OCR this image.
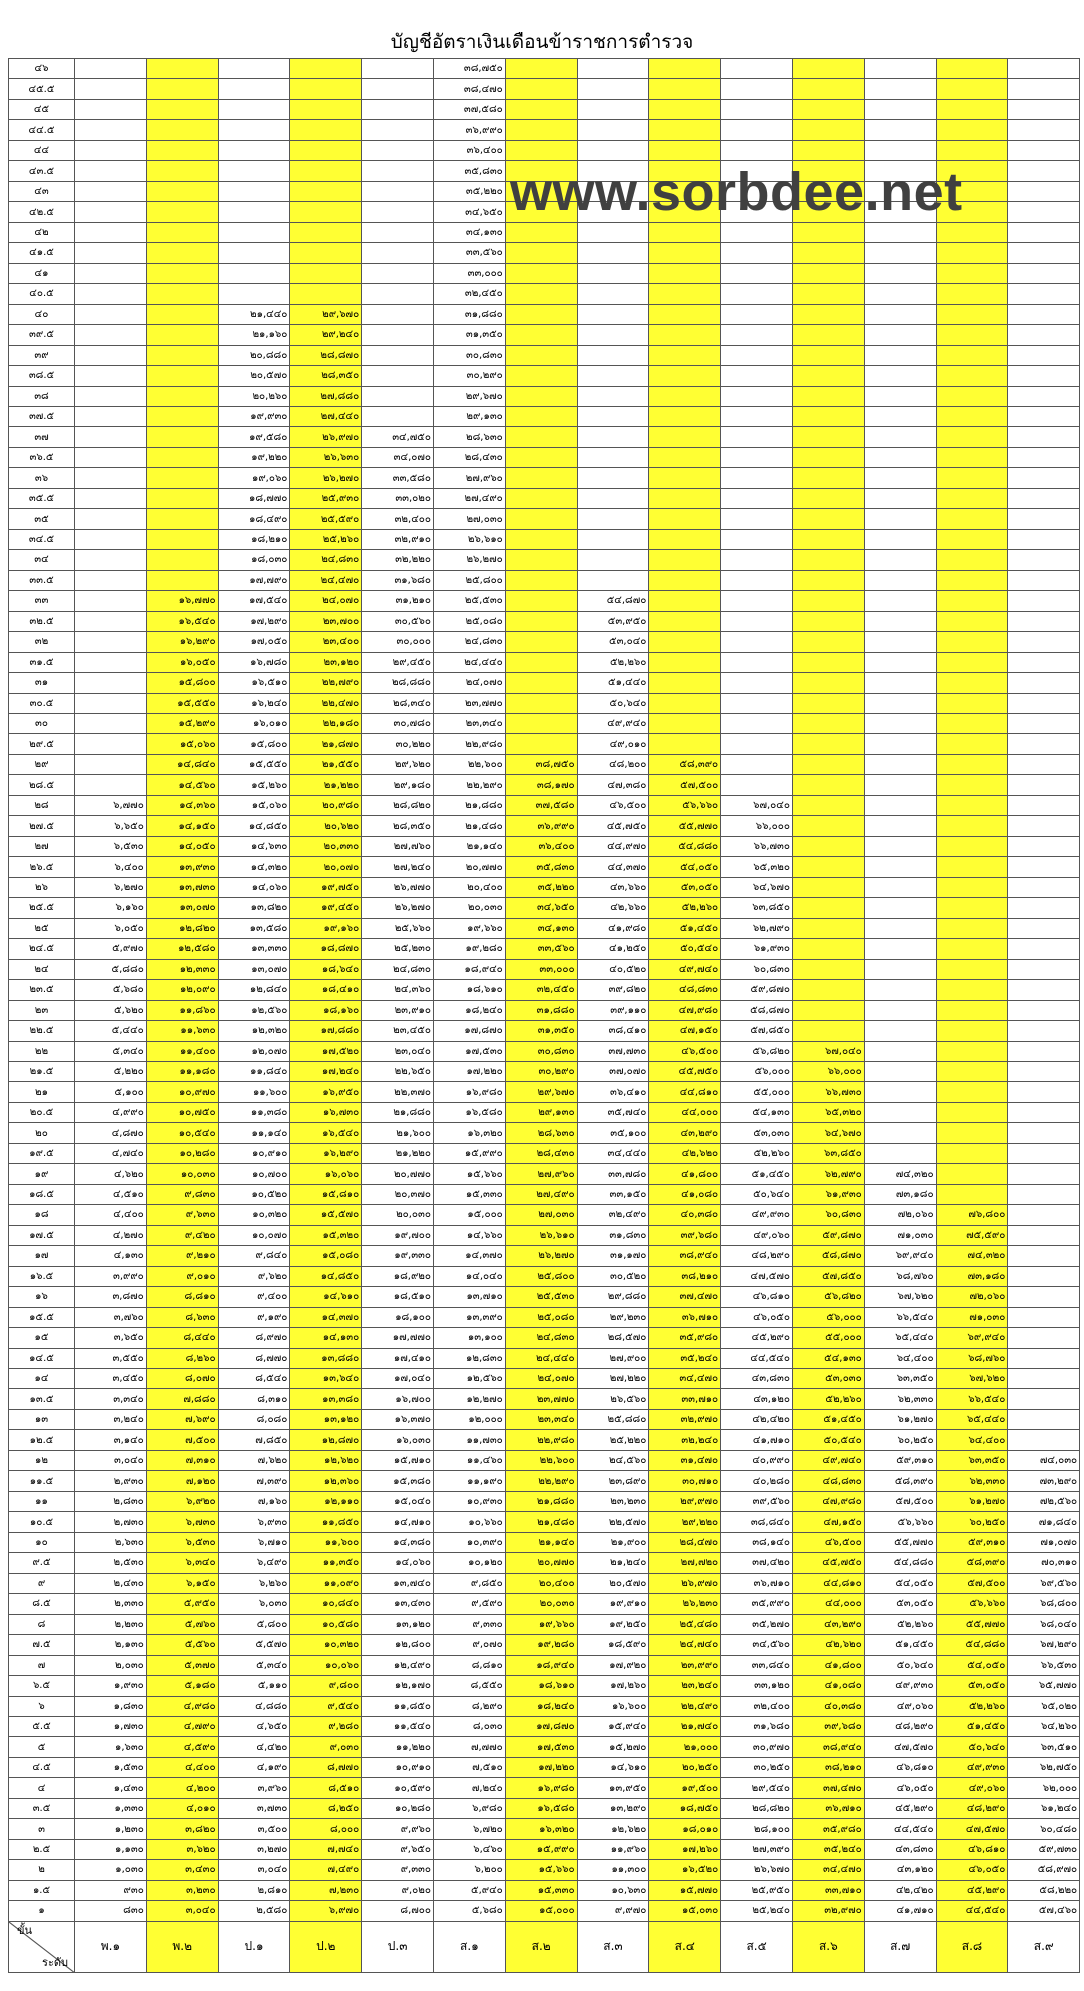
บัญชีอัตราเงินเดือนข้าราชการตำรวจ
www.sorbdee.net
๔๖						๓๘,๗๕๐								
๔๕.๕						๓๘,๔๗๐								
๔๕						๓๗,๕๘๐								
๔๔.๕						๓๖,๙๙๐								
๔๔						๓๖,๔๐๐								
๔๓.๕						๓๕,๘๓๐								
๔๓						๓๕,๒๒๐								
๔๒.๕						๓๔,๖๕๐								
๔๒						๓๔,๑๓๐								
๔๑.๕						๓๓,๕๖๐								
๔๑						๓๓,๐๐๐								
๔๐.๕						๓๒,๔๕๐								
๔๐			๒๑,๔๔๐	๒๙,๖๗๐		๓๑,๘๘๐								
๓๙.๕			๒๑,๑๖๐	๒๙,๒๔๐		๓๑,๓๕๐								
๓๙			๒๐,๘๘๐	๒๘,๘๗๐		๓๐,๘๓๐								
๓๘.๕			๒๐,๕๗๐	๒๘,๓๕๐		๓๐,๒๙๐								
๓๘			๒๐,๒๖๐	๒๗,๘๘๐		๒๙,๖๗๐								
๓๗.๕			๑๙,๙๓๐	๒๗,๔๔๐		๒๙,๑๓๐								
๓๗			๑๙,๕๘๐	๒๖,๙๗๐	๓๔,๗๕๐	๒๘,๖๓๐								
๓๖.๕			๑๙,๒๒๐	๒๖,๖๓๐	๓๔,๐๗๐	๒๘,๔๓๐								
๓๖			๑๙,๐๖๐	๒๖,๒๗๐	๓๓,๕๘๐	๒๗,๙๖๐								
๓๕.๕			๑๘,๗๗๐	๒๕,๙๓๐	๓๓,๐๒๐	๒๗,๔๙๐								
๓๕			๑๘,๔๙๐	๒๕,๕๙๐	๓๒,๔๐๐	๒๗,๐๓๐								
๓๔.๕			๑๘,๒๑๐	๒๕,๒๖๐	๓๒,๙๑๐	๒๖,๖๑๐								
๓๔			๑๘,๐๓๐	๒๔,๘๓๐	๓๒,๒๒๐	๒๖,๒๗๐								
๓๓.๕			๑๗,๗๙๐	๒๔,๔๗๐	๓๑,๖๘๐	๒๕,๘๐๐								
๓๓		๑๖,๗๗๐	๑๗,๕๔๐	๒๔,๐๗๐	๓๑,๒๑๐	๒๕,๕๓๐		๕๔,๘๗๐						
๓๒.๕		๑๖,๕๔๐	๑๗,๒๙๐	๒๓,๗๐๐	๓๐,๕๖๐	๒๕,๐๘๐		๕๓,๙๕๐						
๓๒		๑๖,๒๙๐	๑๗,๐๕๐	๒๓,๔๐๐	๓๐,๐๐๐	๒๔,๘๓๐		๕๓,๐๔๐						
๓๑.๕		๑๖,๐๕๐	๑๖,๗๘๐	๒๓,๑๒๐	๒๙,๔๕๐	๒๔,๔๔๐		๕๒,๒๖๐						
๓๑		๑๕,๘๐๐	๑๖,๕๑๐	๒๒,๗๙๐	๒๘,๘๘๐	๒๔,๐๗๐		๕๑,๔๔๐						
๓๐.๕		๑๕,๕๕๐	๑๖,๒๔๐	๒๒,๔๗๐	๒๘,๓๔๐	๒๓,๗๗๐		๕๐,๖๔๐						
๓๐		๑๕,๒๙๐	๑๖,๐๑๐	๒๒,๑๘๐	๓๐,๗๘๐	๒๓,๓๔๐		๔๙,๙๔๐						
๒๙.๕		๑๕,๐๖๐	๑๕,๘๐๐	๒๑,๘๗๐	๓๐,๒๒๐	๒๒,๙๘๐		๔๙,๐๑๐						
๒๙		๑๔,๘๔๐	๑๕,๕๕๐	๒๑,๕๕๐	๒๙,๖๒๐	๒๒,๖๐๐	๓๘,๗๕๐	๔๘,๒๐๐	๕๘,๓๙๐					
๒๘.๕		๑๔,๕๖๐	๑๕,๒๖๐	๒๑,๒๒๐	๒๙,๑๘๐	๒๒,๒๙๐	๓๘,๑๗๐	๔๗,๓๘๐	๕๗,๕๐๐					
๒๘	๖,๗๗๐	๑๔,๓๖๐	๑๕,๐๖๐	๒๐,๙๘๐	๒๘,๘๒๐	๒๑,๘๘๐	๓๗,๕๘๐	๔๖,๕๐๐	๕๖,๖๖๐	๖๗,๐๔๐				
๒๗.๕	๖,๖๕๐	๑๔,๑๕๐	๑๔,๘๕๐	๒๐,๖๒๐	๒๘,๓๕๐	๒๑,๔๘๐	๓๖,๙๙๐	๔๕,๗๕๐	๕๕,๗๗๐	๖๖,๐๐๐				
๒๗	๖,๕๓๐	๑๔,๐๕๐	๑๔,๖๓๐	๒๐,๓๓๐	๒๗,๗๖๐	๒๑,๑๔๐	๓๖,๔๐๐	๔๔,๙๗๐	๕๔,๘๘๐	๖๖,๗๓๐				
๒๖.๕	๖,๔๐๐	๑๓,๙๓๐	๑๔,๓๒๐	๒๐,๐๗๐	๒๗,๒๔๐	๒๐,๗๗๐	๓๕,๘๓๐	๔๔,๓๗๐	๕๔,๐๕๐	๖๕,๓๒๐				
๒๖	๖,๒๗๐	๑๓,๗๓๐	๑๔,๐๖๐	๑๙,๗๕๐	๒๖,๗๗๐	๒๐,๔๐๐	๓๕,๒๒๐	๔๓,๖๖๐	๕๓,๐๕๐	๖๔,๖๗๐				
๒๕.๕	๖,๑๖๐	๑๓,๐๗๐	๑๓,๘๒๐	๑๙,๔๕๐	๒๖,๒๗๐	๒๐,๐๓๐	๓๔,๖๕๐	๔๒,๖๖๐	๕๒,๒๖๐	๖๓,๘๕๐				
๒๕	๖,๐๕๐	๑๒,๘๒๐	๑๓,๕๘๐	๑๙,๑๖๐	๒๕,๖๖๐	๑๙,๖๖๐	๓๔,๑๓๐	๔๑,๙๘๐	๕๑,๔๕๐	๖๒,๗๙๐				
๒๔.๕	๕,๙๗๐	๑๒,๕๘๐	๑๓,๓๓๐	๑๘,๘๗๐	๒๕,๒๓๐	๑๙,๒๘๐	๓๓,๕๖๐	๔๑,๒๕๐	๕๐,๕๔๐	๖๑,๙๓๐				
๒๔	๕,๘๘๐	๑๒,๓๓๐	๑๓,๐๗๐	๑๘,๖๔๐	๒๔,๘๓๐	๑๘,๙๔๐	๓๓,๐๐๐	๔๐,๕๒๐	๔๙,๗๔๐	๖๐,๘๓๐				
๒๓.๕	๕,๖๘๐	๑๒,๐๙๐	๑๒,๘๔๐	๑๘,๔๑๐	๒๔,๓๖๐	๑๘,๖๑๐	๓๒,๔๕๐	๓๙,๘๒๐	๔๘,๘๓๐	๕๙,๘๗๐				
๒๓	๕,๖๒๐	๑๑,๘๖๐	๑๒,๕๖๐	๑๘,๑๖๐	๒๓,๙๑๐	๑๘,๒๔๐	๓๑,๘๘๐	๓๙,๑๑๐	๔๗,๙๘๐	๕๘,๘๗๐				
๒๒.๕	๕,๔๔๐	๑๑,๖๓๐	๑๒,๓๒๐	๑๗,๘๘๐	๒๓,๔๕๐	๑๗,๘๗๐	๓๑,๓๕๐	๓๘,๔๑๐	๔๗,๑๕๐	๕๗,๘๕๐				
๒๒	๕,๓๔๐	๑๑,๔๐๐	๑๒,๐๗๐	๑๗,๕๒๐	๒๓,๐๔๐	๑๗,๕๓๐	๓๐,๘๓๐	๓๗,๗๓๐	๔๖,๕๐๐	๕๖,๘๒๐	๖๗,๐๔๐			
๒๑.๕	๕,๒๒๐	๑๑,๑๘๐	๑๑,๘๔๐	๑๗,๒๔๐	๒๒,๖๕๐	๑๗,๒๒๐	๓๐,๒๙๐	๓๗,๐๗๐	๔๕,๗๕๐	๕๖,๐๐๐	๖๖,๐๐๐			
๒๑	๕,๑๐๐	๑๐,๙๗๐	๑๑,๖๐๐	๑๖,๙๕๐	๒๒,๓๗๐	๑๖,๙๘๐	๒๙,๖๗๐	๓๖,๔๑๐	๔๔,๘๑๐	๕๕,๐๐๐	๖๖,๗๓๐			
๒๐.๕	๔,๙๙๐	๑๐,๗๕๐	๑๑,๓๘๐	๑๖,๗๓๐	๒๑,๘๘๐	๑๖,๕๘๐	๒๙,๑๓๐	๓๕,๗๔๐	๔๔,๐๐๐	๕๔,๑๓๐	๖๕,๓๒๐			
๒๐	๔,๘๗๐	๑๐,๕๔๐	๑๑,๑๔๐	๑๖,๕๔๐	๒๑,๖๐๐	๑๖,๓๒๐	๒๘,๖๓๐	๓๕,๑๐๐	๔๓,๒๙๐	๕๓,๐๓๐	๖๔,๖๗๐			
๑๙.๕	๔,๗๔๐	๑๐,๒๘๐	๑๐,๙๑๐	๑๖,๒๙๐	๒๑,๒๒๐	๑๕,๙๙๐	๒๘,๔๓๐	๓๔,๔๔๐	๔๒,๖๒๐	๕๒,๒๖๐	๖๓,๘๕๐			
๑๙	๔,๖๒๐	๑๐,๐๓๐	๑๐,๗๐๐	๑๖,๐๖๐	๒๐,๗๗๐	๑๕,๖๖๐	๒๗,๙๖๐	๓๓,๗๘๐	๔๑,๘๐๐	๕๑,๔๕๐	๖๒,๗๙๐	๗๔,๓๒๐		
๑๘.๕	๔,๕๑๐	๙,๘๓๐	๑๐,๕๒๐	๑๕,๘๑๐	๒๐,๓๗๐	๑๕,๓๓๐	๒๗,๔๙๐	๓๓,๑๕๐	๔๑,๐๘๐	๕๐,๖๔๐	๖๑,๙๓๐	๗๓,๑๘๐		
๑๘	๔,๔๐๐	๙,๖๓๐	๑๐,๓๒๐	๑๕,๕๗๐	๒๐,๐๓๐	๑๕,๐๐๐	๒๗,๐๓๐	๓๒,๔๙๐	๔๐,๓๘๐	๔๙,๙๓๐	๖๐,๘๓๐	๗๒,๐๖๐	๗๖,๘๐๐	
๑๗.๕	๔,๒๗๐	๙,๔๒๐	๑๐,๐๗๐	๑๕,๓๒๐	๑๙,๗๐๐	๑๔,๖๖๐	๒๖,๖๑๐	๓๑,๘๓๐	๓๙,๖๘๐	๔๙,๐๖๐	๕๙,๘๗๐	๗๑,๐๓๐	๗๕,๕๙๐	
๑๗	๔,๑๓๐	๙,๒๑๐	๙,๘๔๐	๑๕,๐๘๐	๑๙,๓๓๐	๑๔,๓๗๐	๒๖,๒๗๐	๓๑,๑๗๐	๓๘,๙๔๐	๔๘,๒๙๐	๕๘,๘๗๐	๖๙,๙๔๐	๗๔,๓๒๐	
๑๖.๕	๓,๙๙๐	๙,๐๑๐	๙,๖๒๐	๑๔,๘๕๐	๑๘,๙๒๐	๑๔,๐๔๐	๒๕,๘๐๐	๓๐,๕๒๐	๓๘,๒๑๐	๔๗,๕๗๐	๕๗,๘๕๐	๖๘,๗๖๐	๗๓,๑๘๐	
๑๖	๓,๘๗๐	๘,๘๑๐	๙,๔๐๐	๑๔,๖๑๐	๑๘,๕๑๐	๑๓,๗๑๐	๒๕,๕๓๐	๒๙,๘๘๐	๓๗,๔๗๐	๔๖,๘๑๐	๕๖,๘๒๐	๖๗,๖๒๐	๗๒,๐๖๐	
๑๕.๕	๓,๗๖๐	๘,๖๓๐	๙,๑๙๐	๑๔,๓๗๐	๑๘,๑๐๐	๑๓,๓๙๐	๒๕,๐๘๐	๒๙,๒๓๐	๓๖,๗๑๐	๔๖,๐๕๐	๕๖,๐๐๐	๖๖,๕๔๐	๗๑,๐๓๐	
๑๕	๓,๖๕๐	๘,๔๔๐	๘,๙๗๐	๑๔,๑๓๐	๑๗,๗๗๐	๑๓,๑๐๐	๒๔,๘๓๐	๒๘,๕๗๐	๓๕,๙๘๐	๔๕,๒๙๐	๕๕,๐๐๐	๖๕,๔๔๐	๖๙,๙๔๐	
๑๔.๕	๓,๕๕๐	๘,๒๖๐	๘,๗๗๐	๑๓,๘๘๐	๑๗,๔๑๐	๑๒,๘๓๐	๒๔,๔๔๐	๒๗,๙๐๐	๓๕,๒๔๐	๔๔,๕๔๐	๕๔,๑๓๐	๖๔,๔๐๐	๖๘,๗๖๐	
๑๔	๓,๔๕๐	๘,๐๗๐	๘,๕๔๐	๑๓,๖๔๐	๑๗,๐๔๐	๑๒,๕๖๐	๒๔,๐๗๐	๒๗,๒๒๐	๓๔,๔๗๐	๔๓,๘๓๐	๕๓,๐๓๐	๖๓,๓๕๐	๖๗,๖๒๐	
๑๓.๕	๓,๓๔๐	๗,๘๘๐	๘,๓๑๐	๑๓,๓๘๐	๑๖,๗๐๐	๑๒,๒๗๐	๒๓,๗๗๐	๒๖,๕๖๐	๓๓,๗๑๐	๔๓,๑๒๐	๕๒,๒๖๐	๖๒,๓๓๐	๖๖,๕๔๐	
๑๓	๓,๒๔๐	๗,๖๙๐	๘,๐๘๐	๑๓,๑๒๐	๑๖,๓๗๐	๑๒,๐๐๐	๒๓,๓๔๐	๒๕,๘๘๐	๓๒,๙๗๐	๔๒,๔๒๐	๕๑,๔๕๐	๖๑,๒๗๐	๖๕,๔๔๐	
๑๒.๕	๓,๑๔๐	๗,๕๐๐	๗,๘๕๐	๑๒,๘๗๐	๑๖,๐๓๐	๑๑,๗๓๐	๒๒,๙๘๐	๒๕,๒๒๐	๓๒,๒๔๐	๔๑,๗๑๐	๕๐,๕๔๐	๖๐,๒๕๐	๖๔,๔๐๐	
๑๒	๓,๐๔๐	๗,๓๑๐	๗,๖๒๐	๑๒,๖๒๐	๑๕,๗๑๐	๑๑,๔๖๐	๒๒,๖๐๐	๒๔,๕๖๐	๓๑,๔๗๐	๔๐,๙๙๐	๔๙,๗๔๐	๕๙,๓๑๐	๖๓,๓๕๐	๗๔,๐๓๐
๑๑.๕	๒,๙๓๐	๗,๑๒๐	๗,๓๙๐	๑๒,๓๖๐	๑๕,๓๘๐	๑๑,๑๙๐	๒๒,๒๙๐	๒๓,๘๙๐	๓๐,๗๑๐	๔๐,๒๘๐	๔๘,๘๓๐	๕๘,๓๙๐	๖๒,๓๓๐	๗๓,๒๙๐
๑๑	๒,๘๓๐	๖,๙๒๐	๗,๑๖๐	๑๒,๑๑๐	๑๕,๐๔๐	๑๐,๙๓๐	๒๑,๘๘๐	๒๓,๒๓๐	๒๙,๙๗๐	๓๙,๕๖๐	๔๗,๙๘๐	๕๗,๕๐๐	๖๑,๒๗๐	๗๒,๕๖๐
๑๐.๕	๒,๗๓๐	๖,๗๓๐	๖,๙๓๐	๑๑,๘๕๐	๑๔,๗๑๐	๑๐,๖๖๐	๒๑,๔๘๐	๒๒,๕๗๐	๒๙,๒๒๐	๓๘,๘๔๐	๔๗,๑๕๐	๕๖,๖๖๐	๖๐,๒๕๐	๗๑,๘๔๐
๑๐	๒,๖๓๐	๖,๕๓๐	๖,๗๑๐	๑๑,๖๐๐	๑๔,๓๘๐	๑๐,๓๙๐	๒๑,๑๔๐	๒๑,๙๐๐	๒๘,๔๗๐	๓๘,๑๔๐	๔๖,๕๐๐	๕๕,๗๗๐	๕๙,๓๑๐	๗๑,๐๗๐
๙.๕	๒,๕๓๐	๖,๓๔๐	๖,๔๙๐	๑๑,๓๕๐	๑๔,๐๖๐	๑๐,๑๒๐	๒๐,๗๗๐	๒๑,๒๔๐	๒๗,๗๒๐	๓๗,๔๒๐	๔๕,๗๕๐	๕๔,๘๘๐	๕๘,๓๙๐	๗๐,๓๑๐
๙	๒,๔๓๐	๖,๑๕๐	๖,๒๖๐	๑๑,๐๙๐	๑๓,๗๔๐	๙,๘๕๐	๒๐,๔๐๐	๒๐,๕๗๐	๒๖,๙๗๐	๓๖,๗๑๐	๔๔,๘๑๐	๕๔,๐๕๐	๕๗,๕๐๐	๖๙,๕๖๐
๘.๕	๒,๓๓๐	๕,๙๕๐	๖,๐๓๐	๑๐,๘๔๐	๑๓,๔๓๐	๙,๕๙๐	๒๐,๐๓๐	๑๙,๙๑๐	๒๖,๒๓๐	๓๕,๙๙๐	๔๔,๐๐๐	๕๓,๐๕๐	๕๖,๖๖๐	๖๘,๘๐๐
๘	๒,๒๓๐	๕,๗๖๐	๕,๘๐๐	๑๐,๕๘๐	๑๓,๑๒๐	๙,๓๓๐	๑๙,๖๖๐	๑๙,๒๕๐	๒๕,๔๘๐	๓๕,๒๗๐	๔๓,๒๙๐	๕๒,๒๖๐	๕๕,๗๗๐	๖๘,๐๔๐
๗.๕	๒,๑๓๐	๕,๕๖๐	๕,๕๗๐	๑๐,๓๒๐	๑๒,๘๐๐	๙,๐๗๐	๑๙,๒๘๐	๑๘,๕๙๐	๒๔,๗๔๐	๓๔,๕๖๐	๔๒,๖๒๐	๕๑,๔๕๐	๕๔,๘๘๐	๖๗,๒๙๐
๗	๒,๐๓๐	๕,๓๗๐	๕,๓๔๐	๑๐,๐๖๐	๑๒,๔๙๐	๘,๘๑๐	๑๘,๙๔๐	๑๗,๙๒๐	๒๓,๙๙๐	๓๓,๘๔๐	๔๑,๘๐๐	๕๐,๖๔๐	๕๔,๐๕๐	๖๖,๕๓๐
๖.๕	๑,๙๓๐	๕,๑๘๐	๕,๑๑๐	๙,๘๐๐	๑๒,๑๗๐	๘,๕๕๐	๑๘,๖๑๐	๑๗,๒๖๐	๒๓,๒๔๐	๓๓,๑๒๐	๔๑,๐๘๐	๔๙,๙๓๐	๕๓,๐๕๐	๖๕,๗๗๐
๖	๑,๘๓๐	๔,๙๘๐	๔,๘๘๐	๙,๕๔๐	๑๑,๘๕๐	๘,๒๙๐	๑๘,๒๔๐	๑๖,๖๐๐	๒๒,๔๙๐	๓๒,๔๐๐	๔๐,๓๘๐	๔๙,๐๖๐	๕๒,๒๖๐	๖๕,๐๒๐
๕.๕	๑,๗๓๐	๔,๗๙๐	๔,๖๕๐	๙,๒๘๐	๑๑,๕๔๐	๘,๐๓๐	๑๗,๘๗๐	๑๕,๙๔๐	๒๑,๗๔๐	๓๑,๖๘๐	๓๙,๖๘๐	๔๘,๒๙๐	๕๑,๔๕๐	๖๔,๒๖๐
๕	๑,๖๓๐	๔,๕๙๐	๔,๔๒๐	๙,๐๓๐	๑๑,๒๒๐	๗,๗๗๐	๑๗,๕๓๐	๑๕,๒๗๐	๒๑,๐๐๐	๓๐,๙๗๐	๓๘,๙๔๐	๔๗,๕๗๐	๕๐,๖๔๐	๖๓,๕๑๐
๔.๕	๑,๕๓๐	๔,๔๐๐	๔,๑๙๐	๘,๗๗๐	๑๐,๙๑๐	๗,๕๑๐	๑๗,๒๒๐	๑๔,๖๑๐	๒๐,๒๕๐	๓๐,๒๕๐	๓๘,๒๑๐	๔๖,๘๑๐	๔๙,๙๓๐	๖๒,๗๕๐
๔	๑,๔๓๐	๔,๒๐๐	๓,๙๖๐	๘,๕๑๐	๑๐,๕๙๐	๗,๒๔๐	๑๖,๙๘๐	๑๓,๙๕๐	๑๙,๕๐๐	๒๙,๕๔๐	๓๗,๔๗๐	๔๖,๐๕๐	๔๙,๐๖๐	๖๒,๐๐๐
๓.๕	๑,๓๓๐	๔,๐๑๐	๓,๗๓๐	๘,๒๕๐	๑๐,๒๘๐	๖,๙๘๐	๑๖,๕๘๐	๑๓,๒๙๐	๑๘,๗๕๐	๒๘,๘๒๐	๓๖,๗๑๐	๔๕,๒๙๐	๔๘,๒๙๐	๖๑,๒๔๐
๓	๑,๒๓๐	๓,๘๒๐	๓,๕๐๐	๘,๐๐๐	๙,๙๖๐	๖,๗๒๐	๑๖,๓๒๐	๑๒,๖๒๐	๑๘,๐๑๐	๒๘,๑๐๐	๓๕,๙๘๐	๔๔,๕๔๐	๔๗,๕๗๐	๖๐,๔๘๐
๒.๕	๑,๑๓๐	๓,๖๒๐	๓,๒๗๐	๗,๗๔๐	๙,๖๕๐	๖,๔๖๐	๑๕,๙๙๐	๑๑,๙๖๐	๑๗,๒๖๐	๒๗,๓๙๐	๓๕,๒๔๐	๔๓,๘๓๐	๔๖,๘๑๐	๕๙,๗๓๐
๒	๑,๐๓๐	๓,๔๓๐	๓,๐๔๐	๗,๔๙๐	๙,๓๓๐	๖,๒๐๐	๑๕,๖๖๐	๑๑,๓๐๐	๑๖,๕๒๐	๒๖,๖๗๐	๓๔,๔๗๐	๔๓,๑๒๐	๔๖,๐๕๐	๕๘,๙๗๐
๑.๕	๙๓๐	๓,๒๓๐	๒,๘๑๐	๗,๒๓๐	๙,๐๒๐	๕,๙๔๐	๑๕,๓๓๐	๑๐,๖๓๐	๑๕,๗๗๐	๒๕,๙๕๐	๓๓,๗๑๐	๔๒,๔๒๐	๔๕,๒๙๐	๕๘,๒๒๐
๑	๘๓๐	๓,๐๔๐	๒,๕๘๐	๖,๙๗๐	๘,๗๐๐	๕,๖๘๐	๑๕,๐๐๐	๙,๙๗๐	๑๕,๐๓๐	๒๕,๒๔๐	๓๒,๙๗๐	๔๑,๗๑๐	๔๔,๕๔๐	๕๗,๔๖๐

ขั้น
ระดับ	พ.๑	พ.๒	ป.๑	ป.๒	ป.๓	ส.๑	ส.๒	ส.๓	ส.๔	ส.๕	ส.๖	ส.๗	ส.๘	ส.๙
